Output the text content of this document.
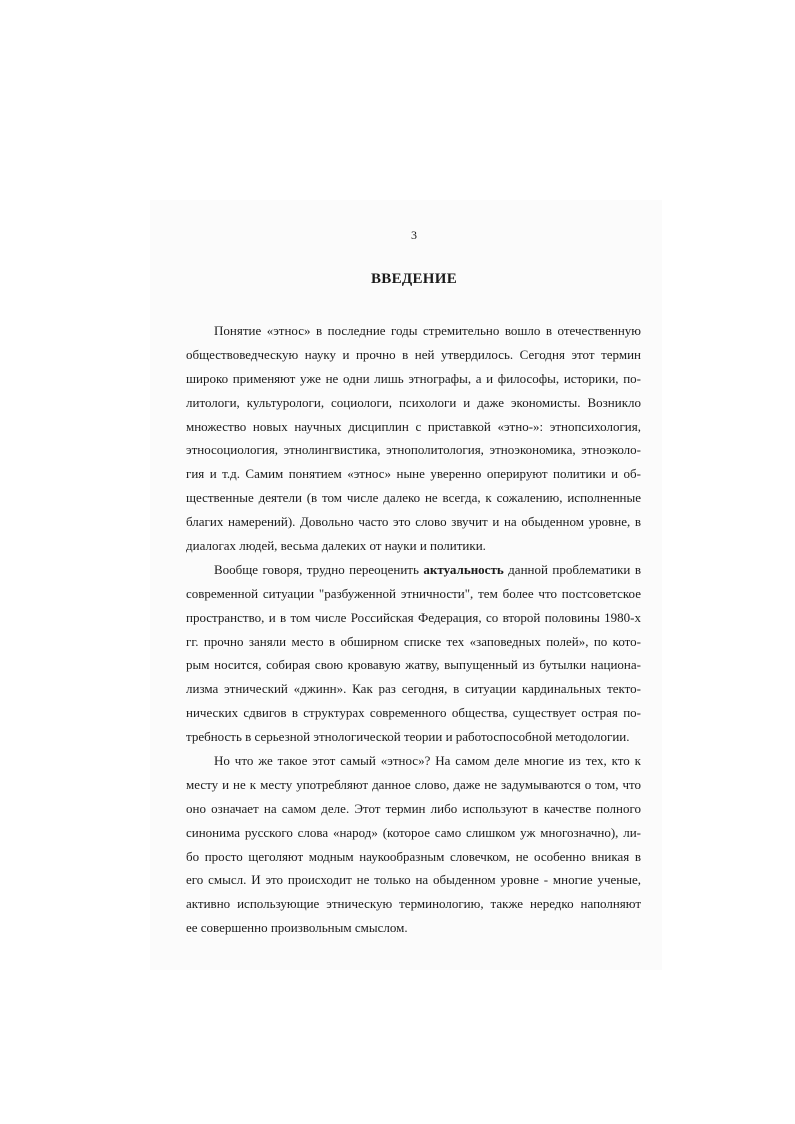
3
ВВЕДЕНИЕ
Понятие «этнос» в последние годы стремительно вошло в отечественную
обществоведческую науку и прочно в ней утвердилось. Сегодня этот термин
широко применяют уже не одни лишь этнографы, а и философы, историки, по-
литологи, культурологи, социологи, психологи и даже экономисты. Возникло
множество новых научных дисциплин с приставкой «этно-»: этнопсихология,
этносоциология, этнолингвистика, этнополитология, этноэкономика, этноэколо-
гия и т.д. Самим понятием «этнос» ныне уверенно оперируют политики и об-
щественные деятели (в том числе далеко не всегда, к сожалению, исполненные
благих намерений). Довольно часто это слово звучит и на обыденном уровне, в
диалогах людей, весьма далеких от науки и политики.
Вообще говоря, трудно переоценить актуальность данной проблематики в
современной ситуации "разбуженной этничности", тем более что постсоветское
пространство, и в том числе Российская Федерация, со второй половины 1980-х
гг. прочно заняли место в обширном списке тех «заповедных полей», по кото-
рым носится, собирая свою кровавую жатву, выпущенный из бутылки национа-
лизма этнический «джинн». Как раз сегодня, в ситуации кардинальных текто-
нических сдвигов в структурах современного общества, существует острая по-
требность в серьезной этнологической теории и работоспособной методологии.
Но что же такое этот самый «этнос»? На самом деле многие из тех, кто к
месту и не к месту употребляют данное слово, даже не задумываются о том, что
оно означает на самом деле. Этот термин либо используют в качестве полного
синонима русского слова «народ» (которое само слишком уж многозначно), ли-
бо просто щеголяют модным наукообразным словечком, не особенно вникая в
его смысл. И это происходит не только на обыденном уровне - многие ученые,
активно использующие этническую терминологию, также нередко наполняют
ее совершенно произвольным смыслом.
